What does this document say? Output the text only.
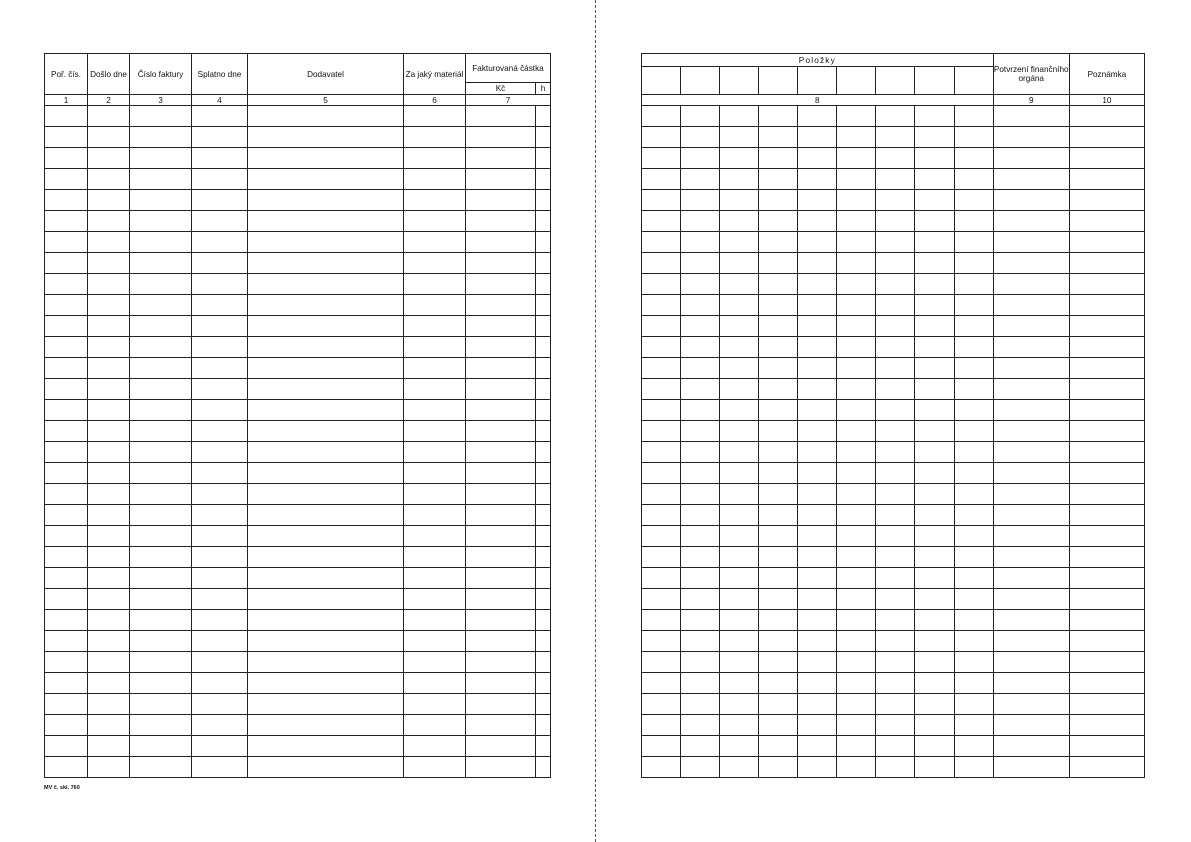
Poř. čís.	Došlo dne	Číslo faktury	Splatno dne	Dodavatel	Za jaký materiál	Fakturovaná částka	
						Kč	h
1	2	3	4	5	6	7	

MV č. skl. 760
Položky									Potvrzení finančního orgána	Poznámka

8									9	10
